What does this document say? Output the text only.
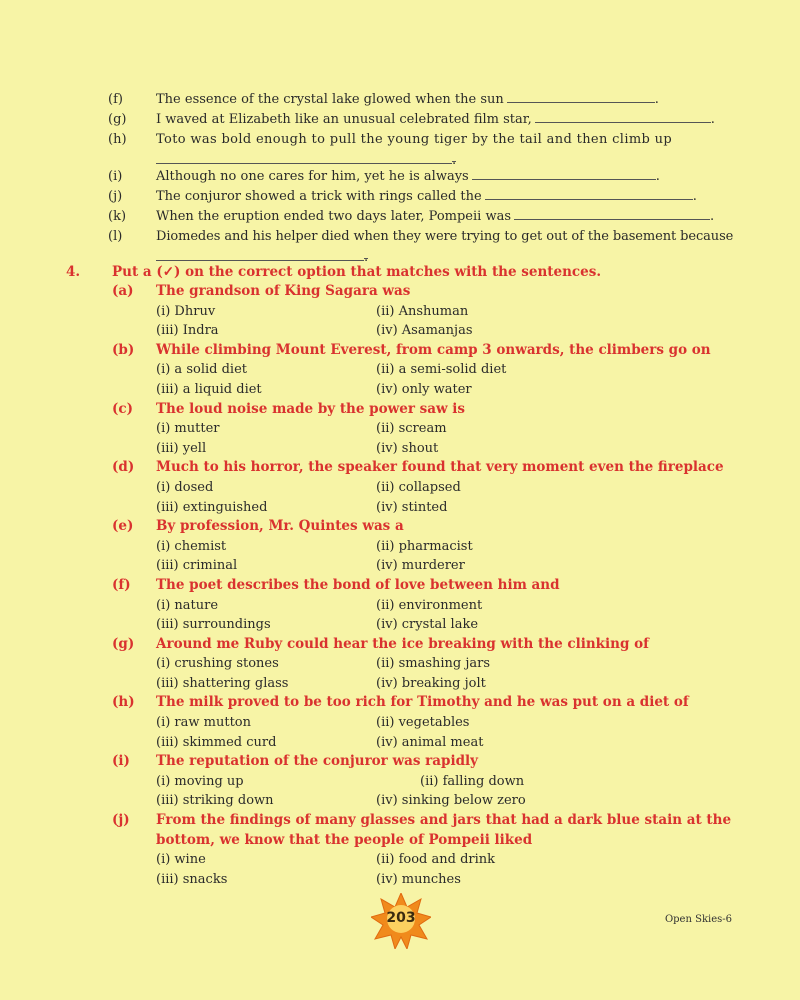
(f)	The essence of the crystal lake glowed when the sun	.
(g)	I waved at Elizabeth like an unusual celebrated film star,	.
(h)	Toto was bold enough to pull the young tiger by the tail and then climb up
.
(i)	Although no one cares for him, yet he is always	.
(j)	The conjuror showed a trick with rings called the	.
(k)	When the eruption ended two days later, Pompeii was	.
(l)	Diomedes and his helper died when they were trying to get out of the basement because
.
4.	Put a (✓) on the correct option that matches with the sentences.
(a)	The grandson of King Sagara was
(i) Dhruv	(ii) Anshuman
(iii) Indra	(iv) Asamanjas
(b)	While climbing Mount Everest, from camp 3 onwards, the climbers go on
(i) a solid diet	(ii) a semi-solid diet
(iii) a liquid diet	(iv) only water
(c)	The loud noise made by the power saw is
(i) mutter	(ii) scream
(iii) yell	(iv) shout
(d)	Much to his horror, the speaker found that very moment even the fireplace
(i) dosed	(ii) collapsed
(iii) extinguished	(iv) stinted
(e)	By profession, Mr. Quintes was a
(i) chemist	(ii) pharmacist
(iii) criminal	(iv) murderer
(f)	The poet describes the bond of love between him and
(i) nature	(ii) environment
(iii) surroundings	(iv) crystal lake
(g)	Around me Ruby could hear the ice breaking with the clinking of
(i) crushing stones	(ii) smashing jars
(iii) shattering glass	(iv) breaking jolt
(h)	The milk proved to be too rich for Timothy and he was put on a diet of
(i) raw mutton	(ii) vegetables
(iii) skimmed curd	(iv) animal meat
(i)	The reputation of the conjuror was rapidly
(i) moving up	(ii) falling down
(iii) striking down	(iv) sinking below zero
(j)	From the findings of many glasses and jars that had a dark blue stain at the bottom, we know that the people of Pompeii liked
(i) wine	(ii) food and drink
(iii) snacks	(iv) munches
203	Open Skies-6
